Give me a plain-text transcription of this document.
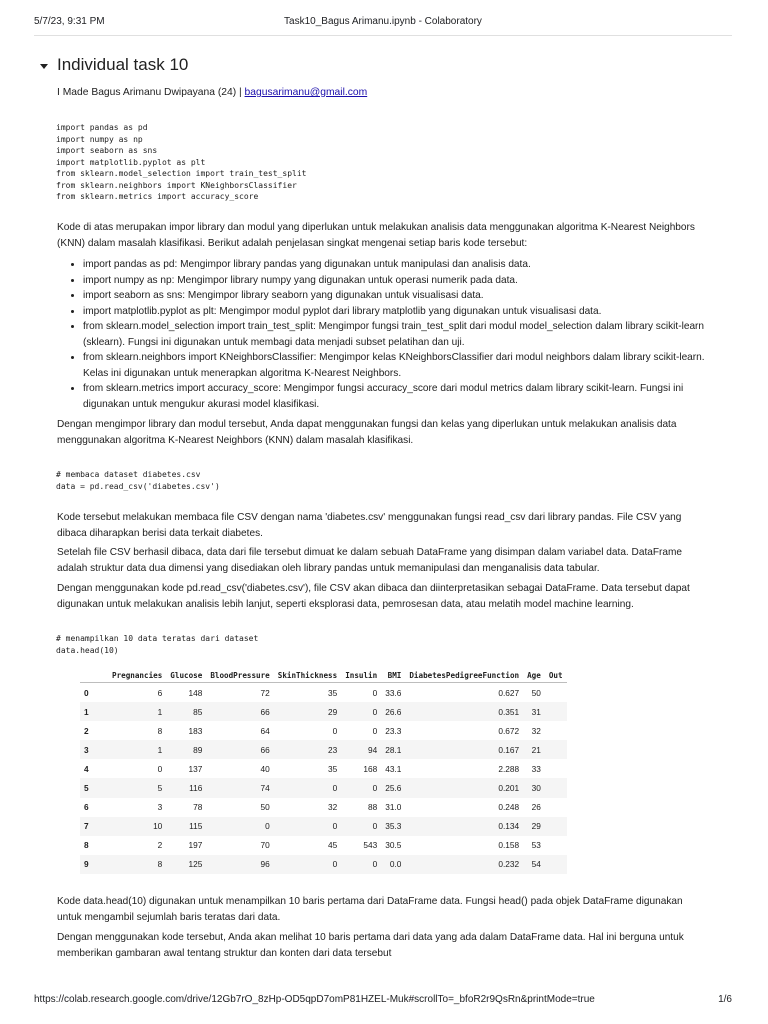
5/7/23, 9:31 PM	Task10_Bagus Arimanu.ipynb - Colaboratory
Individual task 10
I Made Bagus Arimanu Dwipayana (24) | bagusarimanu@gmail.com
import pandas as pd
import numpy as np
import seaborn as sns
import matplotlib.pyplot as plt
from sklearn.model_selection import train_test_split
from sklearn.neighbors import KNeighborsClassifier
from sklearn.metrics import accuracy_score

Kode di atas merupakan impor library dan modul yang diperlukan untuk melakukan analisis data menggunakan algoritma K-Nearest Neighbors
(KNN) dalam masalah klasifikasi. Berikut adalah penjelasan singkat mengenai setiap baris kode tersebut:

• import pandas as pd: Mengimpor library pandas yang digunakan untuk manipulasi dan analisis data.
• import numpy as np: Mengimpor library numpy yang digunakan untuk operasi numerik pada data.
• import seaborn as sns: Mengimpor library seaborn yang digunakan untuk visualisasi data.
• import matplotlib.pyplot as plt: Mengimpor modul pyplot dari library matplotlib yang digunakan untuk visualisasi data.
• from sklearn.model_selection import train_test_split: Mengimpor fungsi train_test_split dari modul model_selection dalam library scikit-learn (sklearn). Fungsi ini digunakan untuk membagi data menjadi subset pelatihan dan uji.
• from sklearn.neighbors import KNeighborsClassifier: Mengimpor kelas KNeighborsClassifier dari modul neighbors dalam library scikit-learn. Kelas ini digunakan untuk menerapkan algoritma K-Nearest Neighbors.
• from sklearn.metrics import accuracy_score: Mengimpor fungsi accuracy_score dari modul metrics dalam library scikit-learn. Fungsi ini digunakan untuk mengukur akurasi model klasifikasi.

Dengan mengimpor library dan modul tersebut, Anda dapat menggunakan fungsi dan kelas yang diperlukan untuk melakukan analisis data
menggunakan algoritma K-Nearest Neighbors (KNN) dalam masalah klasifikasi.

# membaca dataset diabetes.csv
data = pd.read_csv('diabetes.csv')

Kode tersebut melakukan membaca file CSV dengan nama 'diabetes.csv' menggunakan fungsi read_csv dari library pandas. File CSV yang
dibaca diharapkan berisi data terkait diabetes.

Setelah file CSV berhasil dibaca, data dari file tersebut dimuat ke dalam sebuah DataFrame yang disimpan dalam variabel data. DataFrame
adalah struktur data dua dimensi yang disediakan oleh library pandas untuk memanipulasi dan menganalisis data tabular.

Dengan menggunakan kode pd.read_csv('diabetes.csv'), file CSV akan dibaca dan diinterpretasikan sebagai DataFrame. Data tersebut dapat
digunakan untuk melakukan analisis lebih lanjut, seperti eksplorasi data, pemrosesan data, atau melatih model machine learning.

# menampilkan 10 data teratas dari dataset
data.head(10)
	Pregnancies	Glucose	BloodPressure	SkinThickness	Insulin	BMI	DiabetesPedigreeFunction	Age	Out
0	6	148	72	35	0	33.6	0.627	50	
1	1	85	66	29	0	26.6	0.351	31	
2	8	183	64	0	0	23.3	0.672	32	
3	1	89	66	23	94	28.1	0.167	21	
4	0	137	40	35	168	43.1	2.288	33	
5	5	116	74	0	0	25.6	0.201	30	
6	3	78	50	32	88	31.0	0.248	26	
7	10	115	0	0	0	35.3	0.134	29	
8	2	197	70	45	543	30.5	0.158	53	
9	8	125	96	0	0	0.0	0.232	54	

Kode data.head(10) digunakan untuk menampilkan 10 baris pertama dari DataFrame data. Fungsi head() pada objek DataFrame digunakan
untuk mengambil sejumlah baris teratas dari data.

Dengan menggunakan kode tersebut, Anda akan melihat 10 baris pertama dari data yang ada dalam DataFrame data. Hal ini berguna untuk
memberikan gambaran awal tentang struktur dan konten dari data tersebut

https://colab.research.google.com/drive/12Gb7rO_8zHp-OD5qpD7omP81HZEL-Muk#scrollTo=_bfoR2r9QsRn&printMode=true	1/6
